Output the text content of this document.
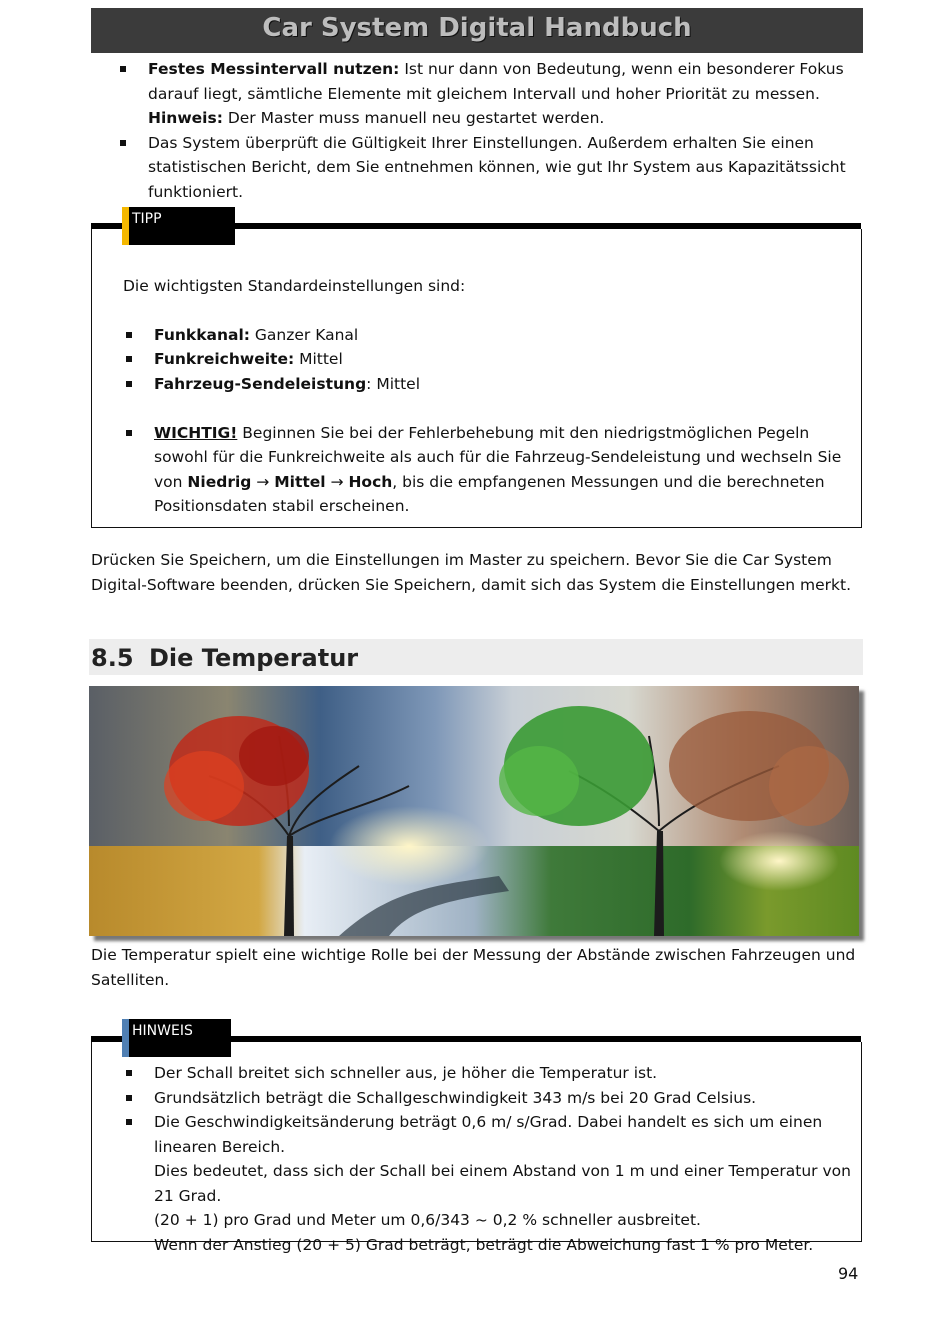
Car System Digital Handbuch
Festes Messintervall nutzen: Ist nur dann von Bedeutung, wenn ein besonderer Fokus darauf liegt, sämtliche Elemente mit gleichem Intervall und hoher Priorität zu messen. Hinweis: Der Master muss manuell neu gestartet werden.
Das System überprüft die Gültigkeit Ihrer Einstellungen. Außerdem erhalten Sie einen statistischen Bericht, dem Sie entnehmen können, wie gut Ihr System aus Kapazitätssicht funktioniert.
TIPP
Die wichtigsten Standardeinstellungen sind:
Funkkanal: Ganzer Kanal
Funkreichweite: Mittel
Fahrzeug-Sendeleistung: Mittel
WICHTIG! Beginnen Sie bei der Fehlerbehebung mit den niedrigstmöglichen Pegeln sowohl für die Funkreichweite als auch für die Fahrzeug-Sendeleistung und wechseln Sie von Niedrig → Mittel → Hoch, bis die empfangenen Messungen und die berechneten Positionsdaten stabil erscheinen.
Drücken Sie Speichern, um die Einstellungen im Master zu speichern. Bevor Sie die Car System Digital-Software beenden, drücken Sie Speichern, damit sich das System die Einstellungen merkt.
8.5 Die Temperatur
Die Temperatur spielt eine wichtige Rolle bei der Messung der Abstände zwischen Fahrzeugen und Satelliten.
HINWEIS
Der Schall breitet sich schneller aus, je höher die Temperatur ist.
Grundsätzlich beträgt die Schallgeschwindigkeit 343 m/s bei 20 Grad Celsius.
Die Geschwindigkeitsänderung beträgt 0,6 m/ s/Grad. Dabei handelt es sich um einen linearen Bereich.
Dies bedeutet, dass sich der Schall bei einem Abstand von 1 m und einer Temperatur von 21 Grad.
(20 + 1) pro Grad und Meter um 0,6/343 ~ 0,2 % schneller ausbreitet.
Wenn der Anstieg (20 + 5) Grad beträgt, beträgt die Abweichung fast 1 % pro Meter.
94
